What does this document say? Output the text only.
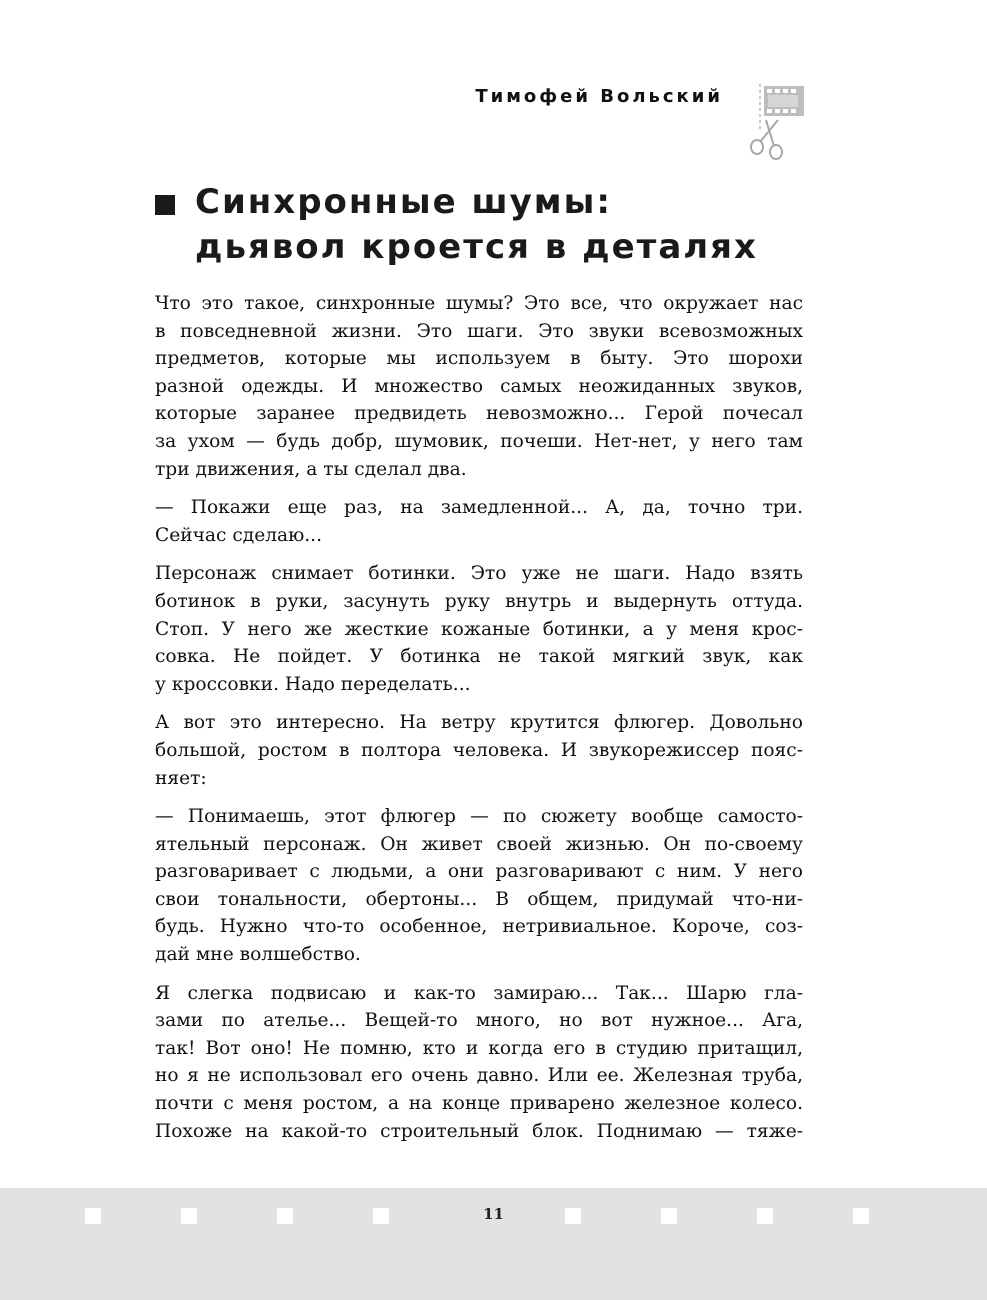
Тимофей Вольский
Синхронные шумы:
дьявол кроется в деталях
Что это такое, синхронные шумы? Это все, что окружает нас
в повседневной жизни. Это шаги. Это звуки всевозможных
предметов, которые мы используем в быту. Это шорохи
разной одежды. И множество самых неожиданных звуков,
которые заранее предвидеть невозможно... Герой почесал
за ухом — будь добр, шумовик, почеши. Нет-нет, у него там
три движения, а ты сделал два.
— Покажи еще раз, на замедленной... А, да, точно три.
Сейчас сделаю...
Персонаж снимает ботинки. Это уже не шаги. Надо взять
ботинок в руки, засунуть руку внутрь и выдернуть оттуда.
Стоп. У него же жесткие кожаные ботинки, а у меня крос-
совка. Не пойдет. У ботинка не такой мягкий звук, как
у кроссовки. Надо переделать...
А вот это интересно. На ветру крутится флюгер. Довольно
большой, ростом в полтора человека. И звукорежиссер пояс-
няет:
— Понимаешь, этот флюгер — по сюжету вообще самосто-
ятельный персонаж. Он живет своей жизнью. Он по-своему
разговаривает с людьми, а они разговаривают с ним. У него
свои тональности, обертоны... В общем, придумай что-ни-
будь. Нужно что-то особенное, нетривиальное. Короче, соз-
дай мне волшебство.
Я слегка подвисаю и как-то замираю... Так... Шарю гла-
зами по ателье... Вещей-то много, но вот нужное... Ага,
так! Вот оно! Не помню, кто и когда его в студию притащил,
но я не использовал его очень давно. Или ее. Железная труба,
почти с меня ростом, а на конце приварено железное колесо.
Похоже на какой-то строительный блок. Поднимаю — тяже-
11
